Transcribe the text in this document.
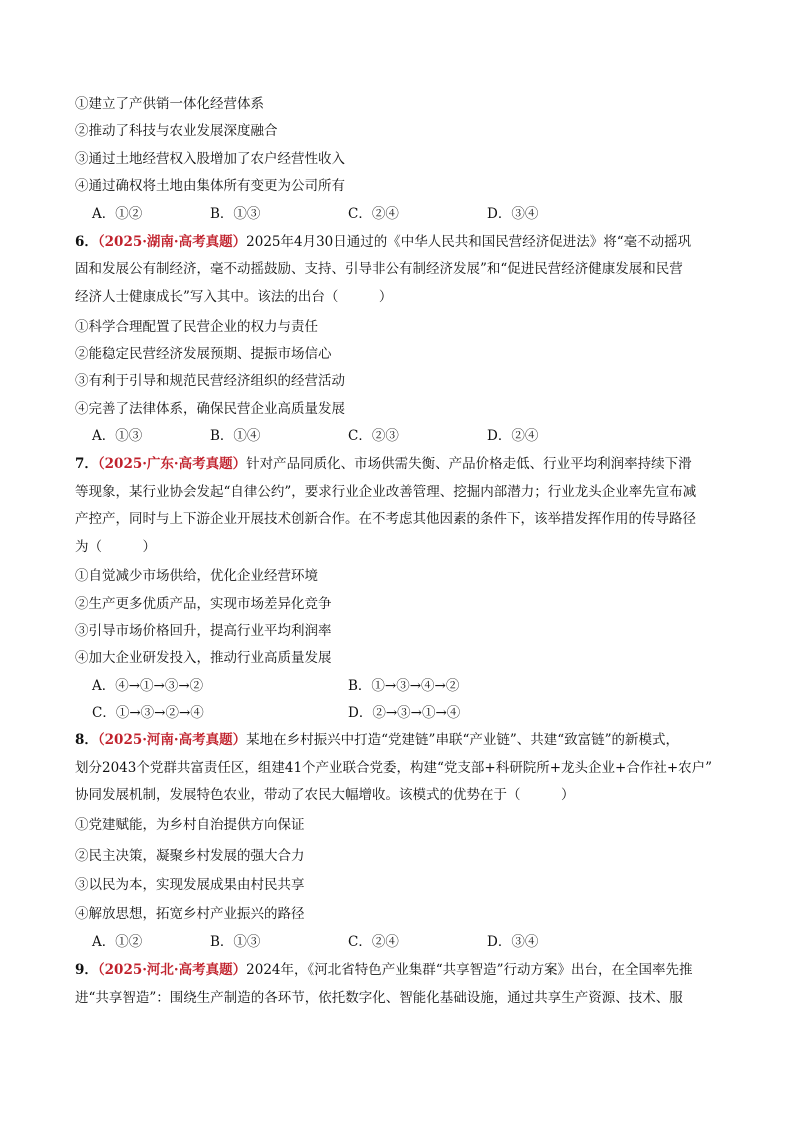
①建立了产供销一体化经营体系
②推动了科技与农业发展深度融合
③通过土地经营权入股增加了农户经营性收入
④通过确权将土地由集体所有变更为公司所有
A．①②	B．①③	C．②④	D．③④
6．（2025·湖南·高考真题）2025年4月30日通过的《中华人民共和国民营经济促进法》将“毫不动摇巩
固和发展公有制经济，毫不动摇鼓励、支持、引导非公有制经济发展”和“促进民营经济健康发展和民营
经济人士健康成长”写入其中。该法的出台（　　　）
①科学合理配置了民营企业的权力与责任
②能稳定民营经济发展预期、提振市场信心
③有利于引导和规范民营经济组织的经营活动
④完善了法律体系，确保民营企业高质量发展
A．①③	B．①④	C．②③	D．②④
7．（2025·广东·高考真题）针对产品同质化、市场供需失衡、产品价格走低、行业平均利润率持续下滑
等现象，某行业协会发起“自律公约”，要求行业企业改善管理、挖掘内部潜力；行业龙头企业率先宣布减
产控产，同时与上下游企业开展技术创新合作。在不考虑其他因素的条件下，该举措发挥作用的传导路径
为（　　　）
①自觉减少市场供给，优化企业经营环境
②生产更多优质产品，实现市场差异化竞争
③引导市场价格回升，提高行业平均利润率
④加大企业研发投入，推动行业高质量发展
A．④→①→③→②	B．①→③→④→②
C．①→③→②→④	D．②→③→①→④
8．（2025·河南·高考真题）某地在乡村振兴中打造“党建链”串联“产业链”、共建“致富链”的新模式，
划分2043个党群共富责任区，组建41个产业联合党委，构建“党支部+科研院所+龙头企业+合作社+农户”
协同发展机制，发展特色农业，带动了农民大幅增收。该模式的优势在于（　　　）
①党建赋能，为乡村自治提供方向保证
②民主决策，凝聚乡村发展的强大合力
③以民为本，实现发展成果由村民共享
④解放思想，拓宽乡村产业振兴的路径
A．①②	B．①③	C．②④	D．③④
9．（2025·河北·高考真题）2024年，《河北省特色产业集群“共享智造”行动方案》出台，在全国率先推
进“共享智造”：围绕生产制造的各环节，依托数字化、智能化基础设施，通过共享生产资源、技术、服
